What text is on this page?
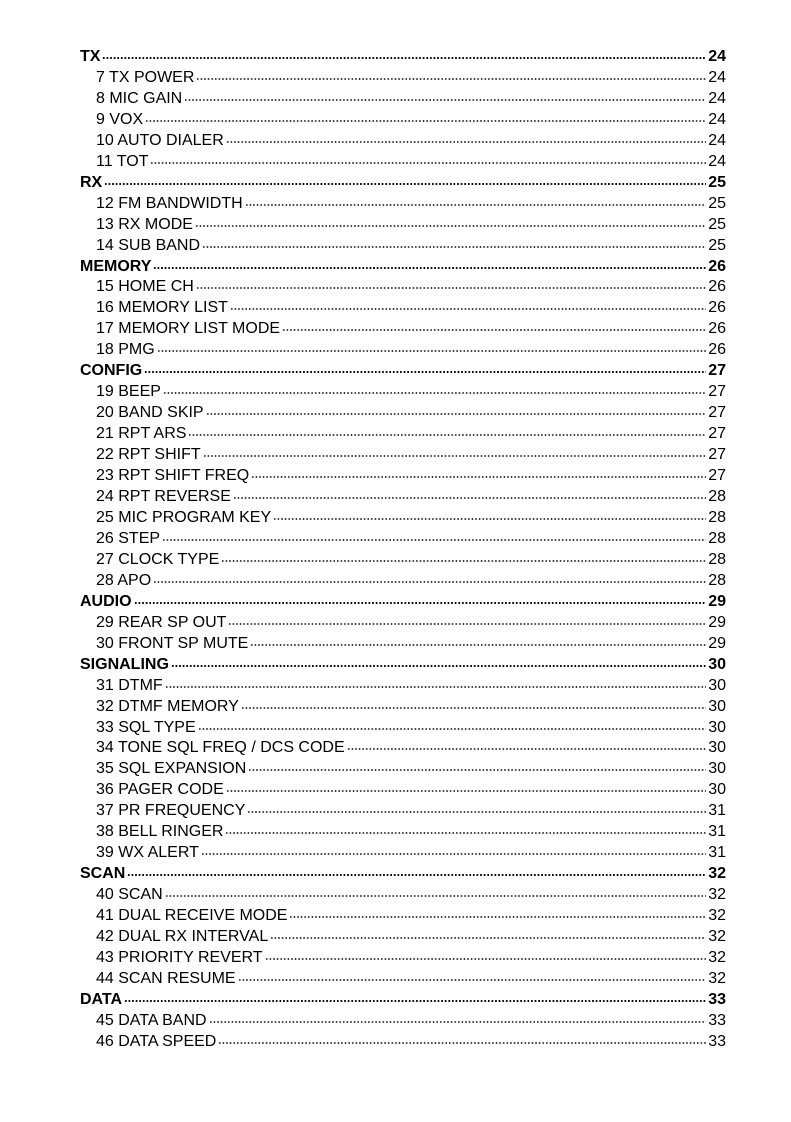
TX	24
7 TX POWER	24
8 MIC GAIN	24
9 VOX	24
10 AUTO DIALER	24
11 TOT	24
RX	25
12 FM BANDWIDTH	25
13 RX MODE	25
14 SUB BAND	25
MEMORY	26
15 HOME CH	26
16 MEMORY LIST	26
17 MEMORY LIST MODE	26
18 PMG	26
CONFIG	27
19 BEEP	27
20 BAND SKIP	27
21 RPT ARS	27
22 RPT SHIFT	27
23 RPT SHIFT FREQ	27
24 RPT REVERSE	28
25 MIC PROGRAM KEY	28
26 STEP	28
27 CLOCK TYPE	28
28 APO	28
AUDIO	29
29 REAR SP OUT	29
30 FRONT SP MUTE	29
SIGNALING	30
31 DTMF	30
32 DTMF MEMORY	30
33 SQL TYPE	30
34 TONE SQL FREQ / DCS CODE	30
35 SQL EXPANSION	30
36 PAGER CODE	30
37 PR FREQUENCY	31
38 BELL RINGER	31
39 WX ALERT	31
SCAN	32
40 SCAN	32
41 DUAL RECEIVE MODE	32
42 DUAL RX INTERVAL	32
43 PRIORITY REVERT	32
44 SCAN RESUME	32
DATA	33
45 DATA BAND	33
46 DATA SPEED	33
